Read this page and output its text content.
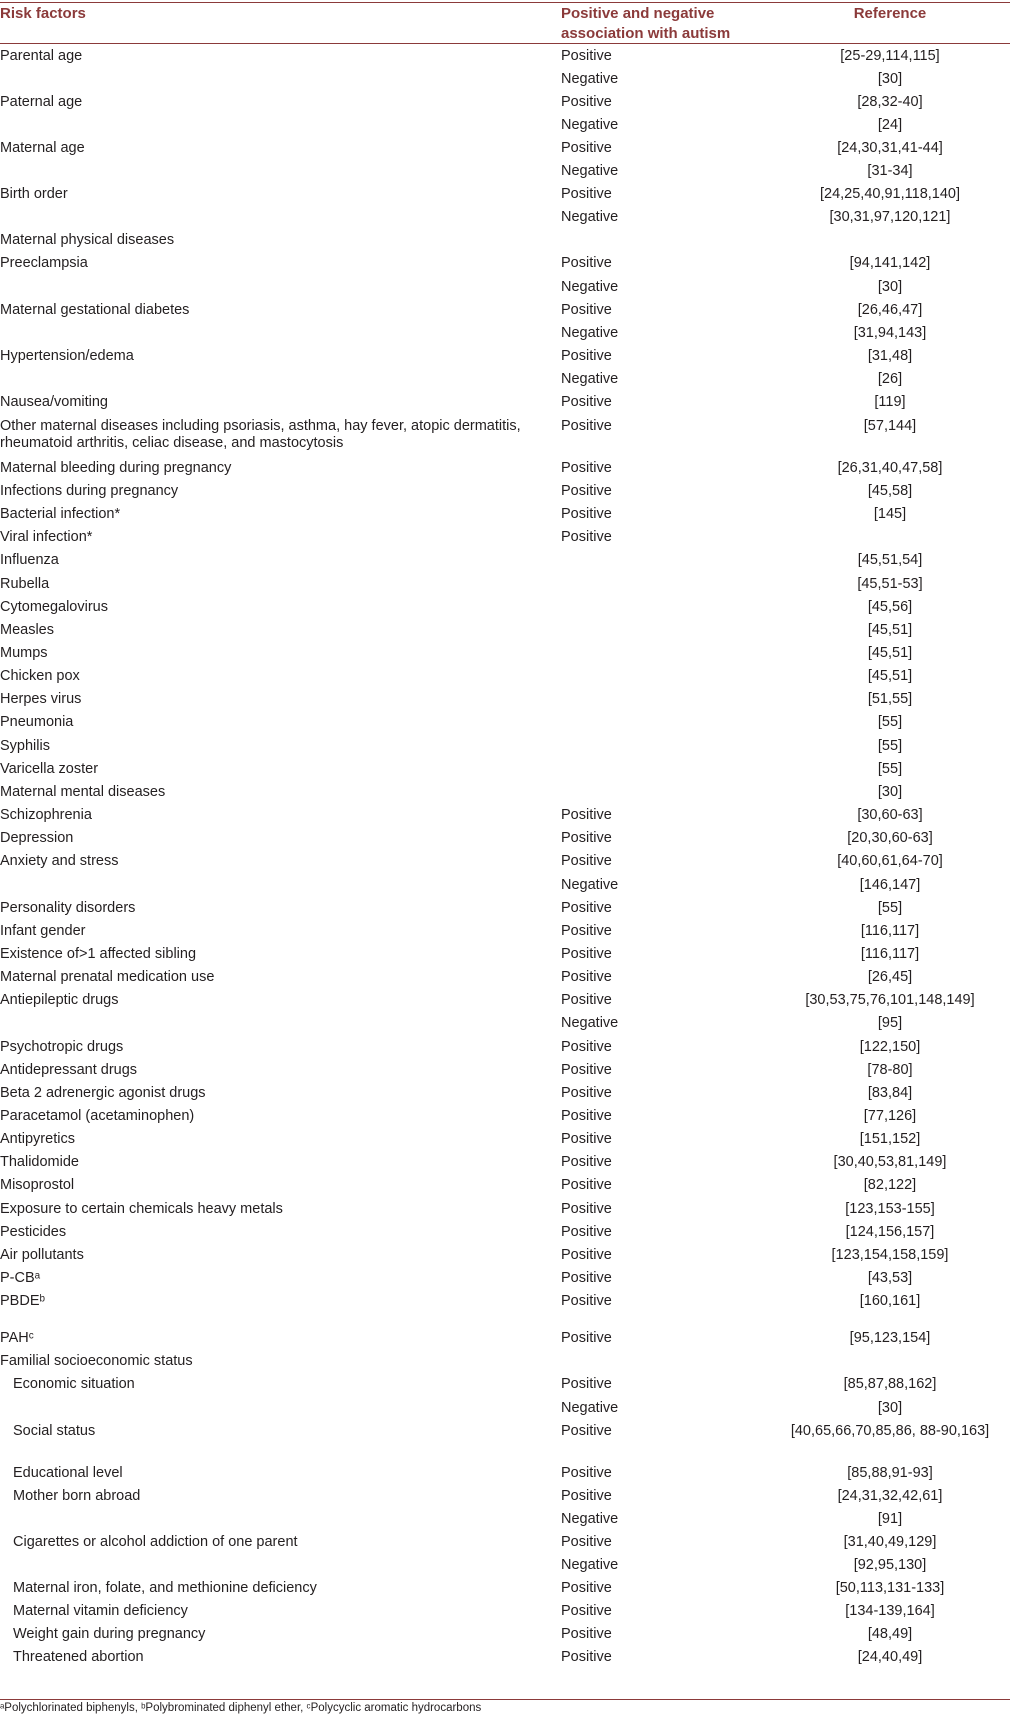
Risk factors	Positive and negative association with autism
Reference
Parental age	Positive	[25-29,114,115]
Negative	[30]
Paternal age	Positive	[28,32-40]
Negative	[24]
Maternal age	Positive	[24,30,31,41-44]
Negative	[31-34]
Birth order	Positive	[24,25,40,91,118,140]
Negative	[30,31,97,120,121]
Maternal physical diseases
Preeclampsia	Positive	[94,141,142]
Negative	[30]
Maternal gestational diabetes	Positive	[26,46,47]
Negative	[31,94,143]
Hypertension/edema	Positive	[31,48]
Negative	[26]
Nausea/vomiting	Positive	[119]
Other maternal diseases including psoriasis, asthma, hay fever, atopic dermatitis, rheumatoid arthritis, celiac disease, and mastocytosis
Positive	[57,144]
Maternal bleeding during pregnancy	Positive	[26,31,40,47,58]
Infections during pregnancy	Positive	[45,58]
Bacterial infection*	Positive	[145]
Viral infection*	Positive
Influenza	[45,51,54]
Rubella	[45,51-53]
Cytomegalovirus	[45,56]
Measles	[45,51]
Mumps	[45,51]
Chicken pox	[45,51]
Herpes virus	[51,55]
Pneumonia	[55]
Syphilis	[55]
Varicella zoster	[55]
Maternal mental diseases	[30]
Schizophrenia	Positive	[30,60-63]
Depression	Positive	[20,30,60-63]
Anxiety and stress	Positive	[40,60,61,64-70]
Negative	[146,147]
Personality disorders	Positive	[55]
Infant gender	Positive	[116,117]
Existence of>1 affected sibling	Positive	[116,117]
Maternal prenatal medication use	Positive	[26,45]
Antiepileptic drugs	Positive	[30,53,75,76,101,148,149]
Negative	[95]
Psychotropic drugs	Positive	[122,150]
Antidepressant drugs	Positive	[78-80]
Beta 2 adrenergic agonist drugs	Positive	[83,84]
Paracetamol (acetaminophen)	Positive	[77,126]
Antipyretics	Positive	[151,152]
Thalidomide	Positive	[30,40,53,81,149]
Misoprostol	Positive	[82,122]
Exposure to certain chemicals heavy metals	Positive	[123,153-155]
Pesticides	Positive	[124,156,157]
Air pollutants	Positive	[123,154,158,159]
P-CBᵃ	Positive	[43,53]
PBDEᵇ	Positive	[160,161]
PAHᶜ	Positive	[95,123,154]
Familial socioeconomic status
Economic situation	Positive	[85,87,88,162]
Negative	[30]
Social status	Positive	[40,65,66,70,85,86, 88-90,163]
Educational level	Positive	[85,88,91-93]
Mother born abroad	Positive	[24,31,32,42,61]
Negative	[91]
Cigarettes or alcohol addiction of one parent	Positive	[31,40,49,129]
Negative	[92,95,130]
Maternal iron, folate, and methionine deficiency	Positive	[50,113,131-133]
Maternal vitamin deficiency	Positive	[134-139,164]
Weight gain during pregnancy	Positive	[48,49]
Threatened abortion	Positive	[24,40,49]
ᵃPolychlorinated biphenyls, ᵇPolybrominated diphenyl ether, ᶜPolycyclic aromatic hydrocarbons
